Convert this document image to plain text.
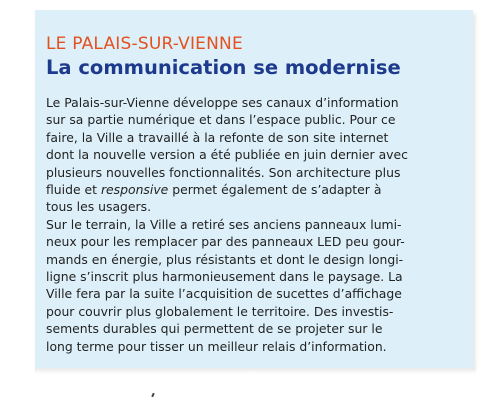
LE PALAIS-SUR-VIENNE
La communication se modernise

Le Palais-sur-Vienne développe ses canaux d’information
sur sa partie numérique et dans l’espace public. Pour ce
faire, la Ville a travaillé à la refonte de son site internet
dont la nouvelle version a été publiée en juin dernier avec
plusieurs nouvelles fonctionnalités. Son architecture plus
fluide et responsive permet également de s’adapter à
tous les usagers.
Sur le terrain, la Ville a retiré ses anciens panneaux lumi-
neux pour les remplacer par des panneaux LED peu gour-
mands en énergie, plus résistants et dont le design longi-
ligne s’inscrit plus harmonieusement dans le paysage. La
Ville fera par la suite l’acquisition de sucettes d’affichage
pour couvrir plus globalement le territoire. Des investis-
sements durables qui permettent de se projeter sur le
long terme pour tisser un meilleur relais d’information.
